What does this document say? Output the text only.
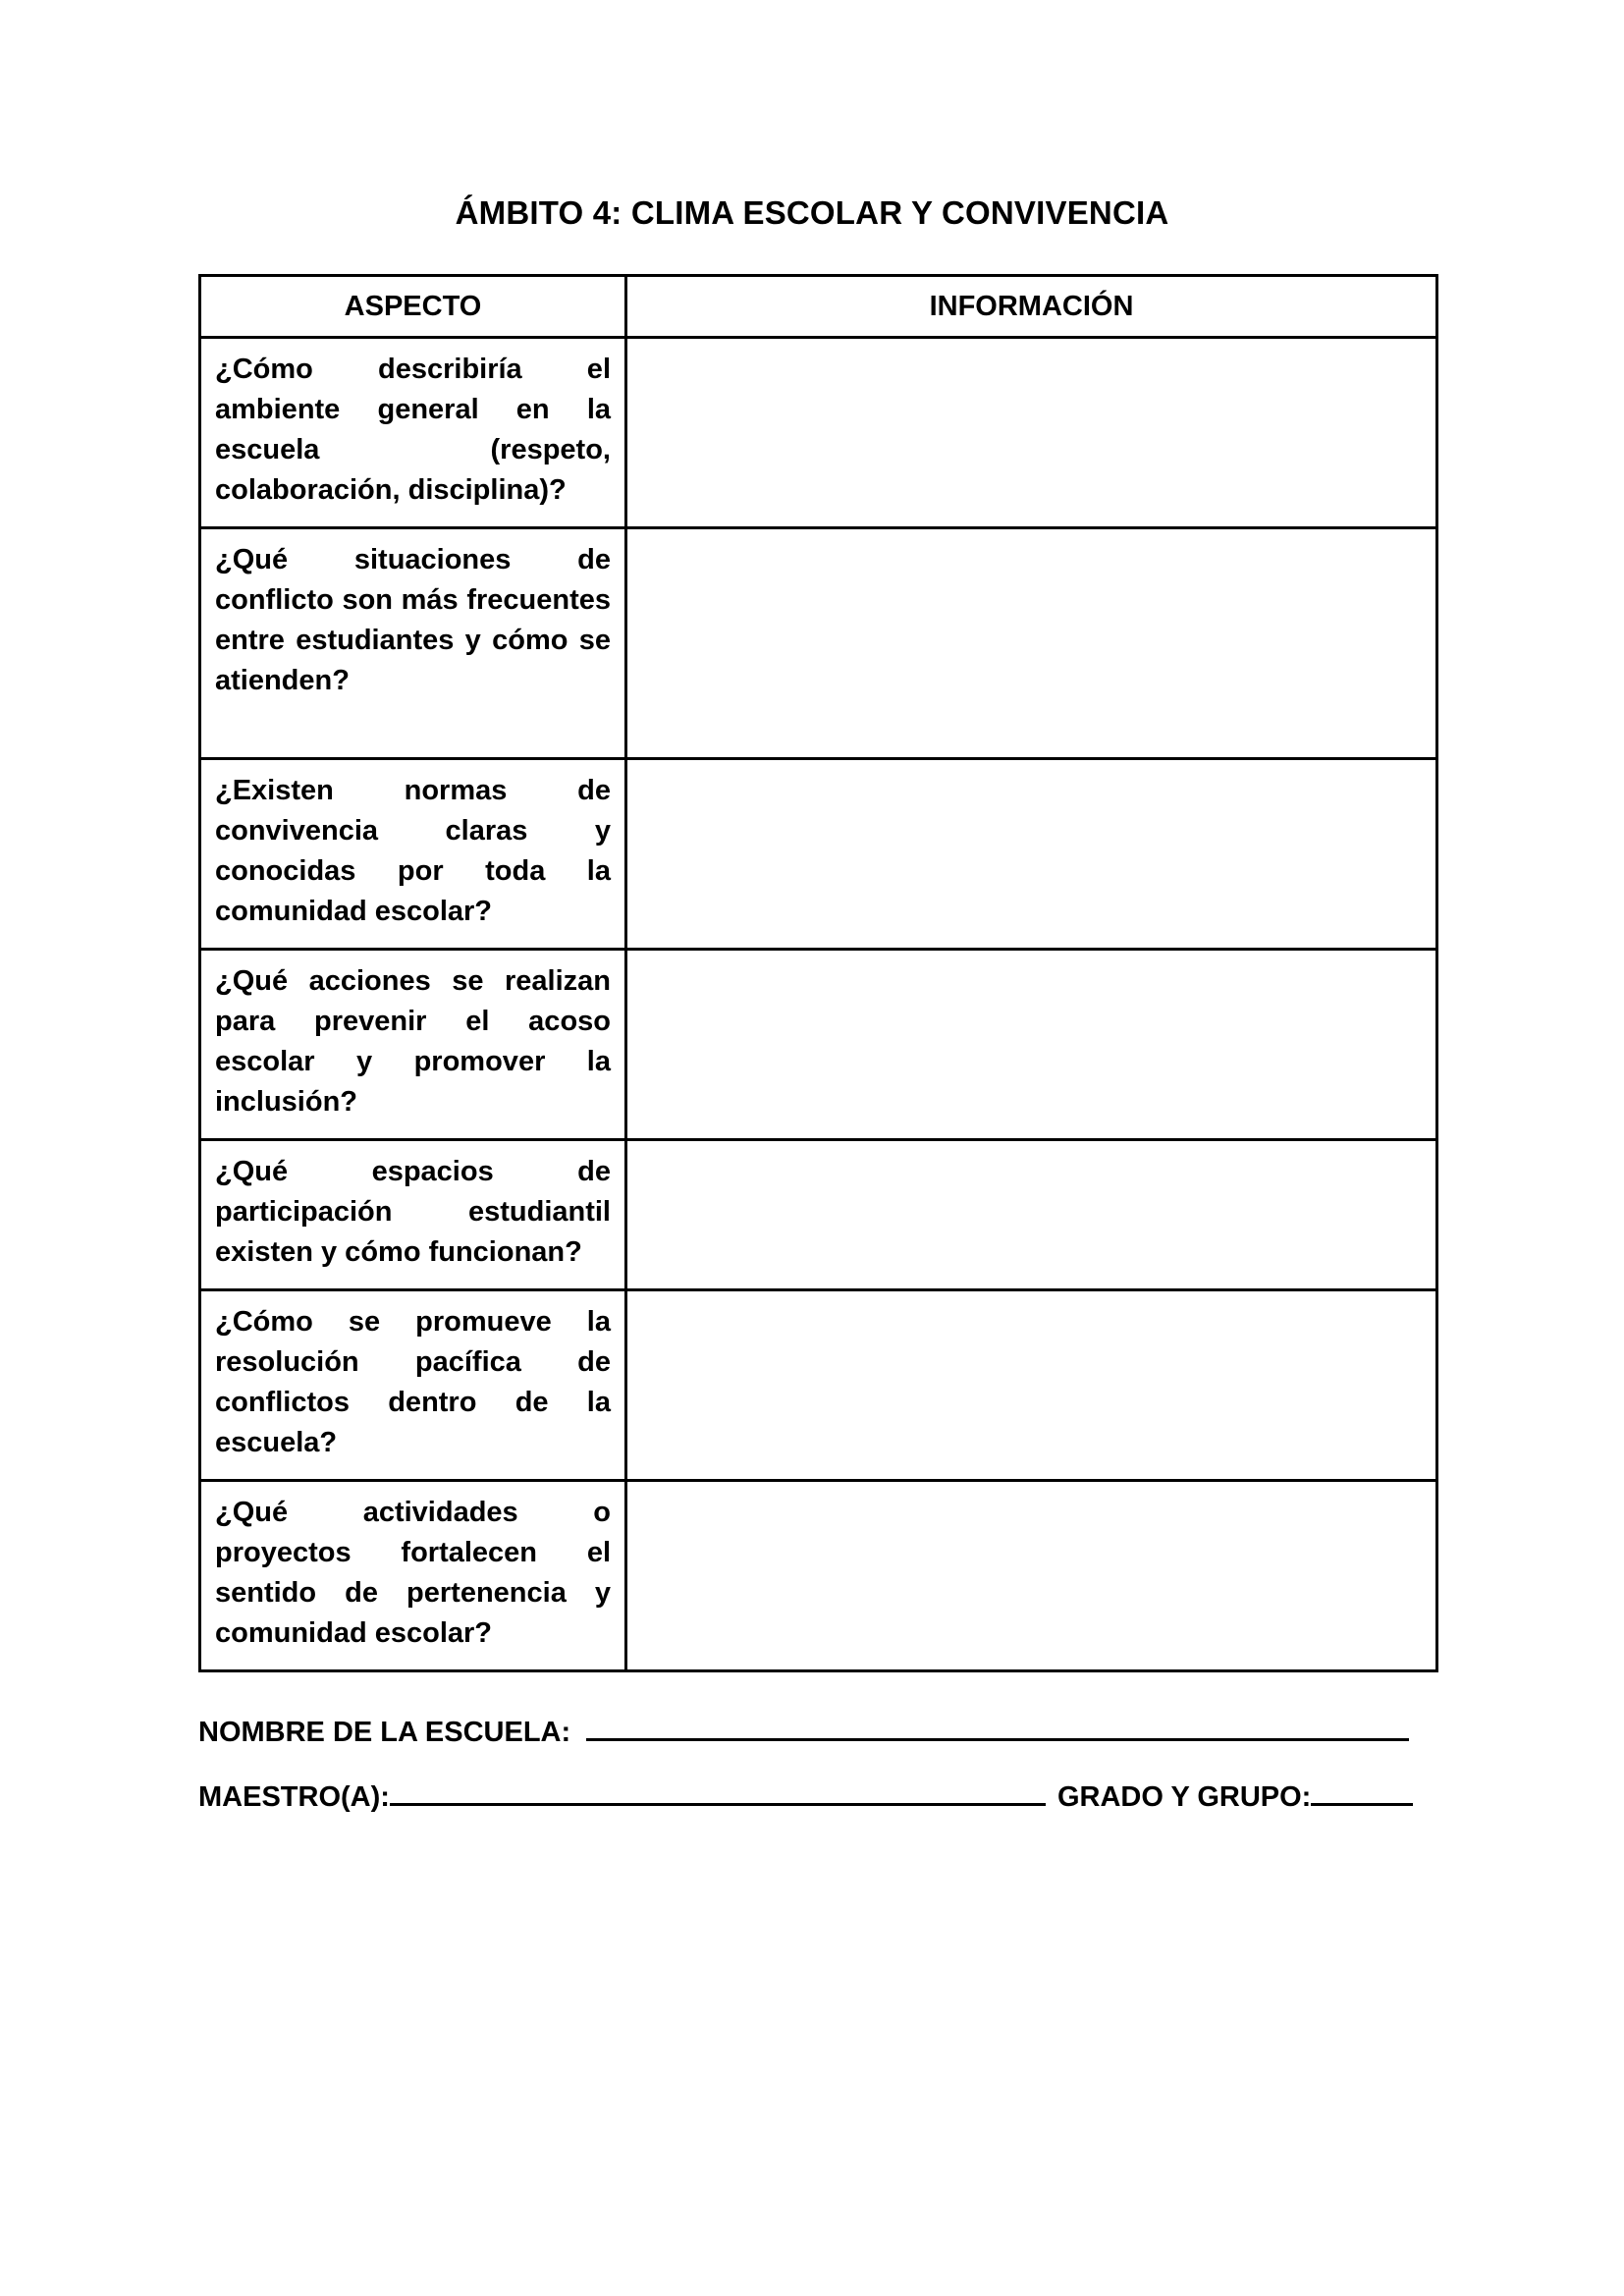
ÁMBITO 4: CLIMA ESCOLAR Y CONVIVENCIA
ASPECTO	INFORMACIÓN
¿Cómo describiría el ambiente general en la escuela (respeto, colaboración, disciplina)?	
¿Qué situaciones de conflicto son más frecuentes entre estudiantes y cómo se atienden?	
¿Existen normas de convivencia claras y conocidas por toda la comunidad escolar?	
¿Qué acciones se realizan para prevenir el acoso escolar y promover la inclusión?	
¿Qué espacios de participación estudiantil existen y cómo funcionan?	
¿Cómo se promueve la resolución pacífica de conflictos dentro de la escuela?	
¿Qué actividades o proyectos fortalecen el sentido de pertenencia y comunidad escolar?	
NOMBRE DE LA ESCUELA:
MAESTRO(A):	GRADO Y GRUPO:
